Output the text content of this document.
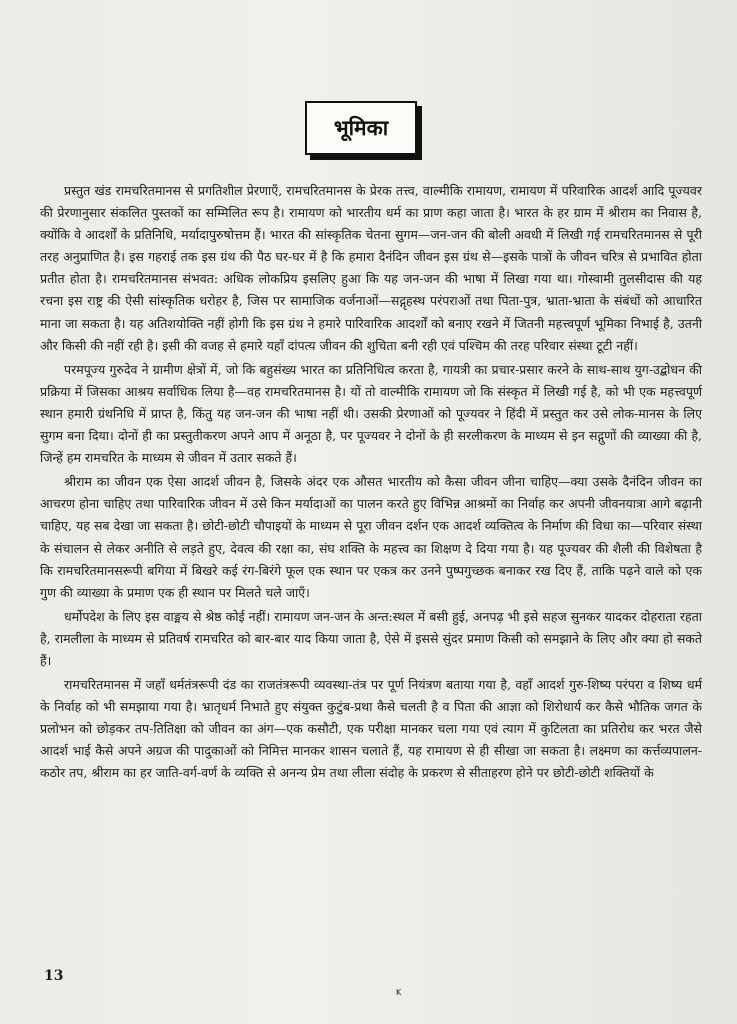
भूमिका

प्रस्तुत खंड रामचरितमानस से प्रगतिशील प्रेरणाएँ, रामचरितमानस के प्रेरक तत्त्व, वाल्मीकि रामायण, रामायण में परिवारिक आदर्श आदि पूज्यवर की प्रेरणानुसार संकलित पुस्तकों का सम्मिलित रूप है। रामायण को भारतीय धर्म का प्राण कहा जाता है। भारत के हर ग्राम में श्रीराम का निवास है, क्योंकि वे आदर्शों के प्रतिनिधि, मर्यादापुरुषोत्तम हैं। भारत की सांस्कृतिक चेतना सुगम—जन-जन की बोली अवधी में लिखी गई रामचरितमानस से पूरी तरह अनुप्राणित है। इस गहराई तक इस ग्रंथ की पैठ घर-घर में है कि हमारा दैनंदिन जीवन इस ग्रंथ से—इसके पात्रों के जीवन चरित्र से प्रभावित होता प्रतीत होता है। रामचरितमानस संभवत: अधिक लोकप्रिय इसलिए हुआ कि यह जन-जन की भाषा में लिखा गया था। गोस्वामी तुलसीदास की यह रचना इस राष्ट्र की ऐसी सांस्कृतिक धरोहर है, जिस पर सामाजिक वर्जनाओं—सद्गृहस्थ परंपराओं तथा पिता-पुत्र, भ्राता-भ्राता के संबंधों को आधारित माना जा सकता है। यह अतिशयोक्ति नहीं होगी कि इस ग्रंथ ने हमारे पारिवारिक आदर्शों को बनाए रखने में जितनी महत्त्वपूर्ण भूमिका निभाई है, उतनी और किसी की नहीं रही है। इसी की वजह से हमारे यहाँ दांपत्य जीवन की शुचिता बनी रही एवं पश्चिम की तरह परिवार संस्था टूटी नहीं।

परमपूज्य गुरुदेव ने ग्रामीण क्षेत्रों में, जो कि बहुसंख्य भारत का प्रतिनिधित्व करता है, गायत्री का प्रचार-प्रसार करने के साथ-साथ युग-उद्बोधन की प्रक्रिया में जिसका आश्रय सर्वाधिक लिया है—वह रामचरितमानस है। यों तो वाल्मीकि रामायण जो कि संस्कृत में लिखी गई है, को भी एक महत्त्वपूर्ण स्थान हमारी ग्रंथनिधि में प्राप्त है, किंतु यह जन-जन की भाषा नहीं थी। उसकी प्रेरणाओं को पूज्यवर ने हिंदी में प्रस्तुत कर उसे लोक-मानस के लिए सुगम बना दिया। दोनों ही का प्रस्तुतीकरण अपने आप में अनूठा है, पर पूज्यवर ने दोनों के ही सरलीकरण के माध्यम से इन सद्गुणों की व्याख्या की है, जिन्हें हम रामचरित के माध्यम से जीवन में उतार सकते हैं।

श्रीराम का जीवन एक ऐसा आदर्श जीवन है, जिसके अंदर एक औसत भारतीय को कैसा जीवन जीना चाहिए—क्या उसके दैनंदिन जीवन का आचरण होना चाहिए तथा पारिवारिक जीवन में उसे किन मर्यादाओं का पालन करते हुए विभिन्न आश्रमों का निर्वाह कर अपनी जीवनयात्रा आगे बढ़ानी चाहिए, यह सब देखा जा सकता है। छोटी-छोटी चौपाइयों के माध्यम से पूरा जीवन दर्शन एक आदर्श व्यक्तित्व के निर्माण की विधा का—परिवार संस्था के संचालन से लेकर अनीति से लड़ते हुए, देवत्व की रक्षा का, संघ शक्ति के महत्त्व का शिक्षण दे दिया गया है। यह पूज्यवर की शैली की विशेषता है कि रामचरितमानसरूपी बगिया में बिखरे कई रंग-बिरंगे फूल एक स्थान पर एकत्र कर उनने पुष्पगुच्छक बनाकर रख दिए हैं, ताकि पढ़ने वाले को एक गुण की व्याख्या के प्रमाण एक ही स्थान पर मिलते चले जाएँ।

धर्मोपदेश के लिए इस वाङ्मय से श्रेष्ठ कोई नहीं। रामायण जन-जन के अन्त:स्थल में बसी हुई, अनपढ़ भी इसे सहज सुनकर यादकर दोहराता रहता है, रामलीला के माध्यम से प्रतिवर्ष रामचरित को बार-बार याद किया जाता है, ऐसे में इससे सुंदर प्रमाण किसी को समझाने के लिए और क्या हो सकते हैं।

रामचरितमानस में जहाँ धर्मतंत्ररूपी दंड का राजतंत्ररूपी व्यवस्था-तंत्र पर पूर्ण नियंत्रण बताया गया है, वहाँ आदर्श गुरु-शिष्य परंपरा व शिष्य धर्म के निर्वाह को भी समझाया गया है। भ्रातृधर्म निभाते हुए संयुक्त कुटुंब-प्रथा कैसे चलती है व पिता की आज्ञा को शिरोधार्य कर कैसे भौतिक जगत के प्रलोभन को छोड़कर तप-तितिक्षा को जीवन का अंग—एक कसौटी, एक परीक्षा मानकर चला गया एवं त्याग में कुटिलता का प्रतिरोध कर भरत जैसे आदर्श भाई कैसे अपने अग्रज की पादुकाओं को निमित्त मानकर शासन चलाते हैं, यह रामायण से ही सीखा जा सकता है। लक्ष्मण का कर्त्तव्यपालन-कठोर तप, श्रीराम का हर जाति-वर्ग-वर्ण के व्यक्ति से अनन्य प्रेम तथा लीला संदोह के प्रकरण से सीताहरण होने पर छोटी-छोटी शक्तियों के

13
K
